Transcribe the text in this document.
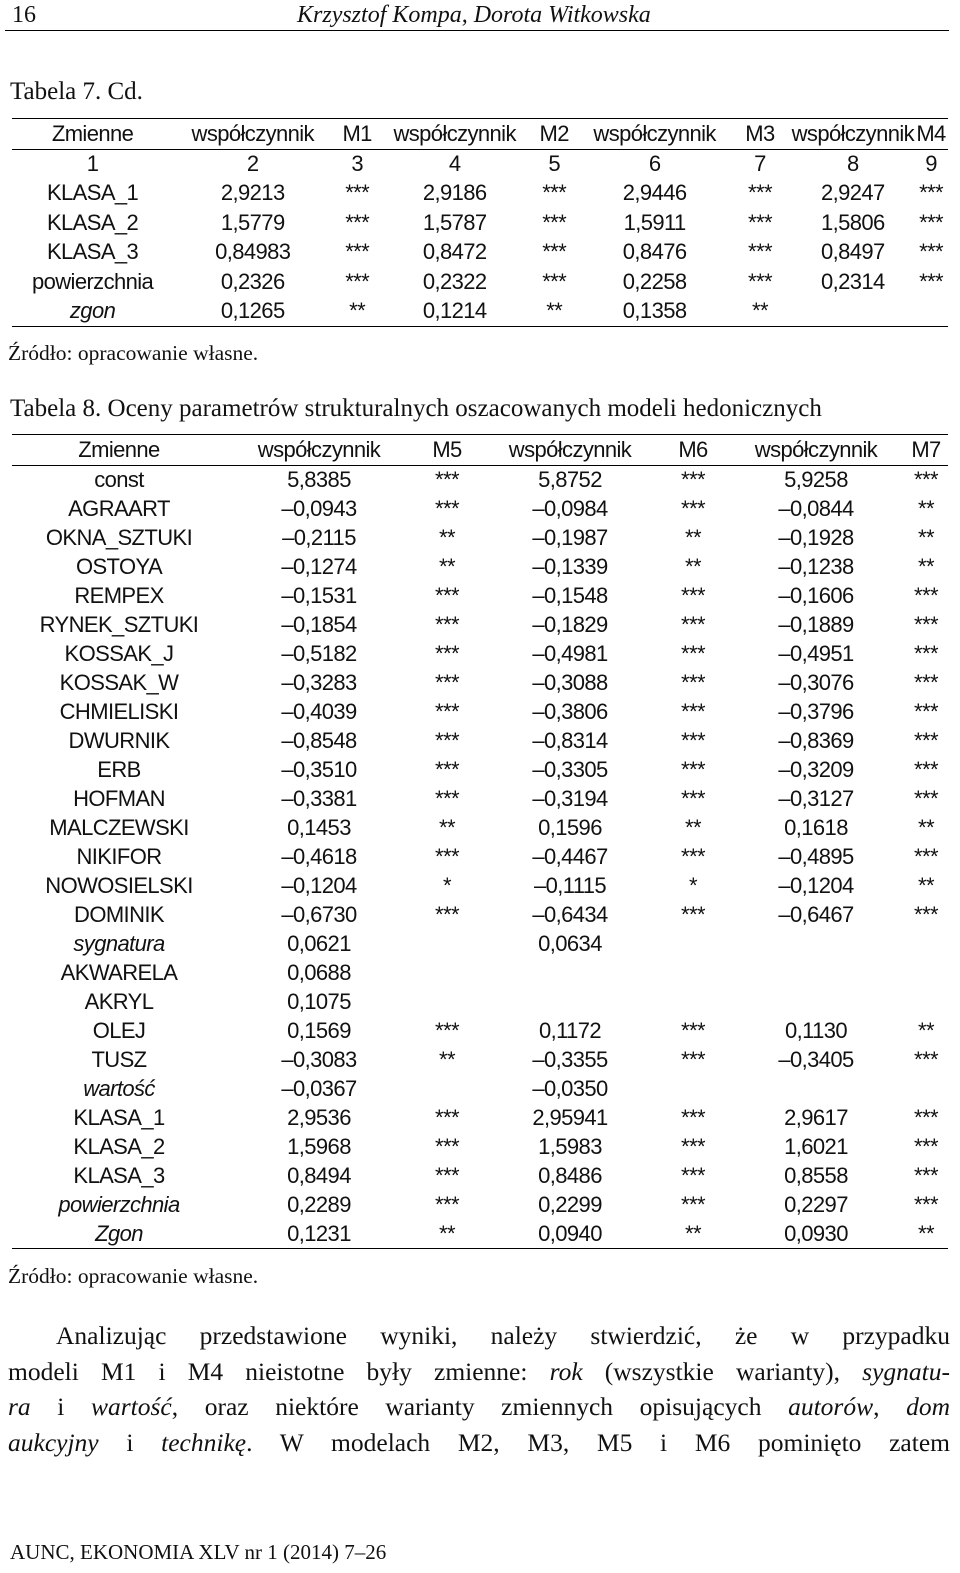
16	Krzysztof Kompa, Dorota Witkowska
Tabela 7. Cd.
Zmienne	współczynnik	M1	współczynnik	M2	współczynnik	M3	współczynnik	M4
1	2	3	4	5	6	7	8	9
KLASA_1	2,9213	***	2,9186	***	2,9446	***	2,9247	***
KLASA_2	1,5779	***	1,5787	***	1,5911	***	1,5806	***
KLASA_3	0,84983	***	0,8472	***	0,8476	***	0,8497	***
powierzchnia	0,2326	***	0,2322	***	0,2258	***	0,2314	***
zgon	0,1265	**	0,1214	**	0,1358	**		
Źródło: opracowanie własne.
Tabela 8. Oceny parametrów strukturalnych oszacowanych modeli hedonicznych
Zmienne	współczynnik	M5	współczynnik	M6	współczynnik	M7
const	5,8385	***	5,8752	***	5,9258	***
AGRAART	–0,0943	***	–0,0984	***	–0,0844	**
OKNA_SZTUKI	–0,2115	**	–0,1987	**	–0,1928	**
OSTOYA	–0,1274	**	–0,1339	**	–0,1238	**
REMPEX	–0,1531	***	–0,1548	***	–0,1606	***
RYNEK_SZTUKI	–0,1854	***	–0,1829	***	–0,1889	***
KOSSAK_J	–0,5182	***	–0,4981	***	–0,4951	***
KOSSAK_W	–0,3283	***	–0,3088	***	–0,3076	***
CHMIELISKI	–0,4039	***	–0,3806	***	–0,3796	***
DWURNIK	–0,8548	***	–0,8314	***	–0,8369	***
ERB	–0,3510	***	–0,3305	***	–0,3209	***
HOFMAN	–0,3381	***	–0,3194	***	–0,3127	***
MALCZEWSKI	0,1453	**	0,1596	**	0,1618	**
NIKIFOR	–0,4618	***	–0,4467	***	–0,4895	***
NOWOSIELSKI	–0,1204	*	–0,1115	*	–0,1204	**
DOMINIK	–0,6730	***	–0,6434	***	–0,6467	***
sygnatura	0,0621		0,0634			
AKWARELA	0,0688					
AKRYL	0,1075					
OLEJ	0,1569	***	0,1172	***	0,1130	**
TUSZ	–0,3083	**	–0,3355	***	–0,3405	***
wartość	–0,0367		–0,0350			
KLASA_1	2,9536	***	2,95941	***	2,9617	***
KLASA_2	1,5968	***	1,5983	***	1,6021	***
KLASA_3	0,8494	***	0,8486	***	0,8558	***
powierzchnia	0,2289	***	0,2299	***	0,2297	***
Zgon	0,1231	**	0,0940	**	0,0930	**
Źródło: opracowanie własne.

Analizując przedstawione wyniki, należy stwierdzić, że w przypadku

modeli M1 i M4 nieistotne były zmienne: rok (wszystkie warianty), sygnatu-

ra i wartość, oraz niektóre warianty zmiennych opisujących autorów, dom

aukcyjny i technikę. W modelach M2, M3, M5 i M6 pominięto zatem

AUNC, EKONOMIA XLV nr 1 (2014) 7–26
